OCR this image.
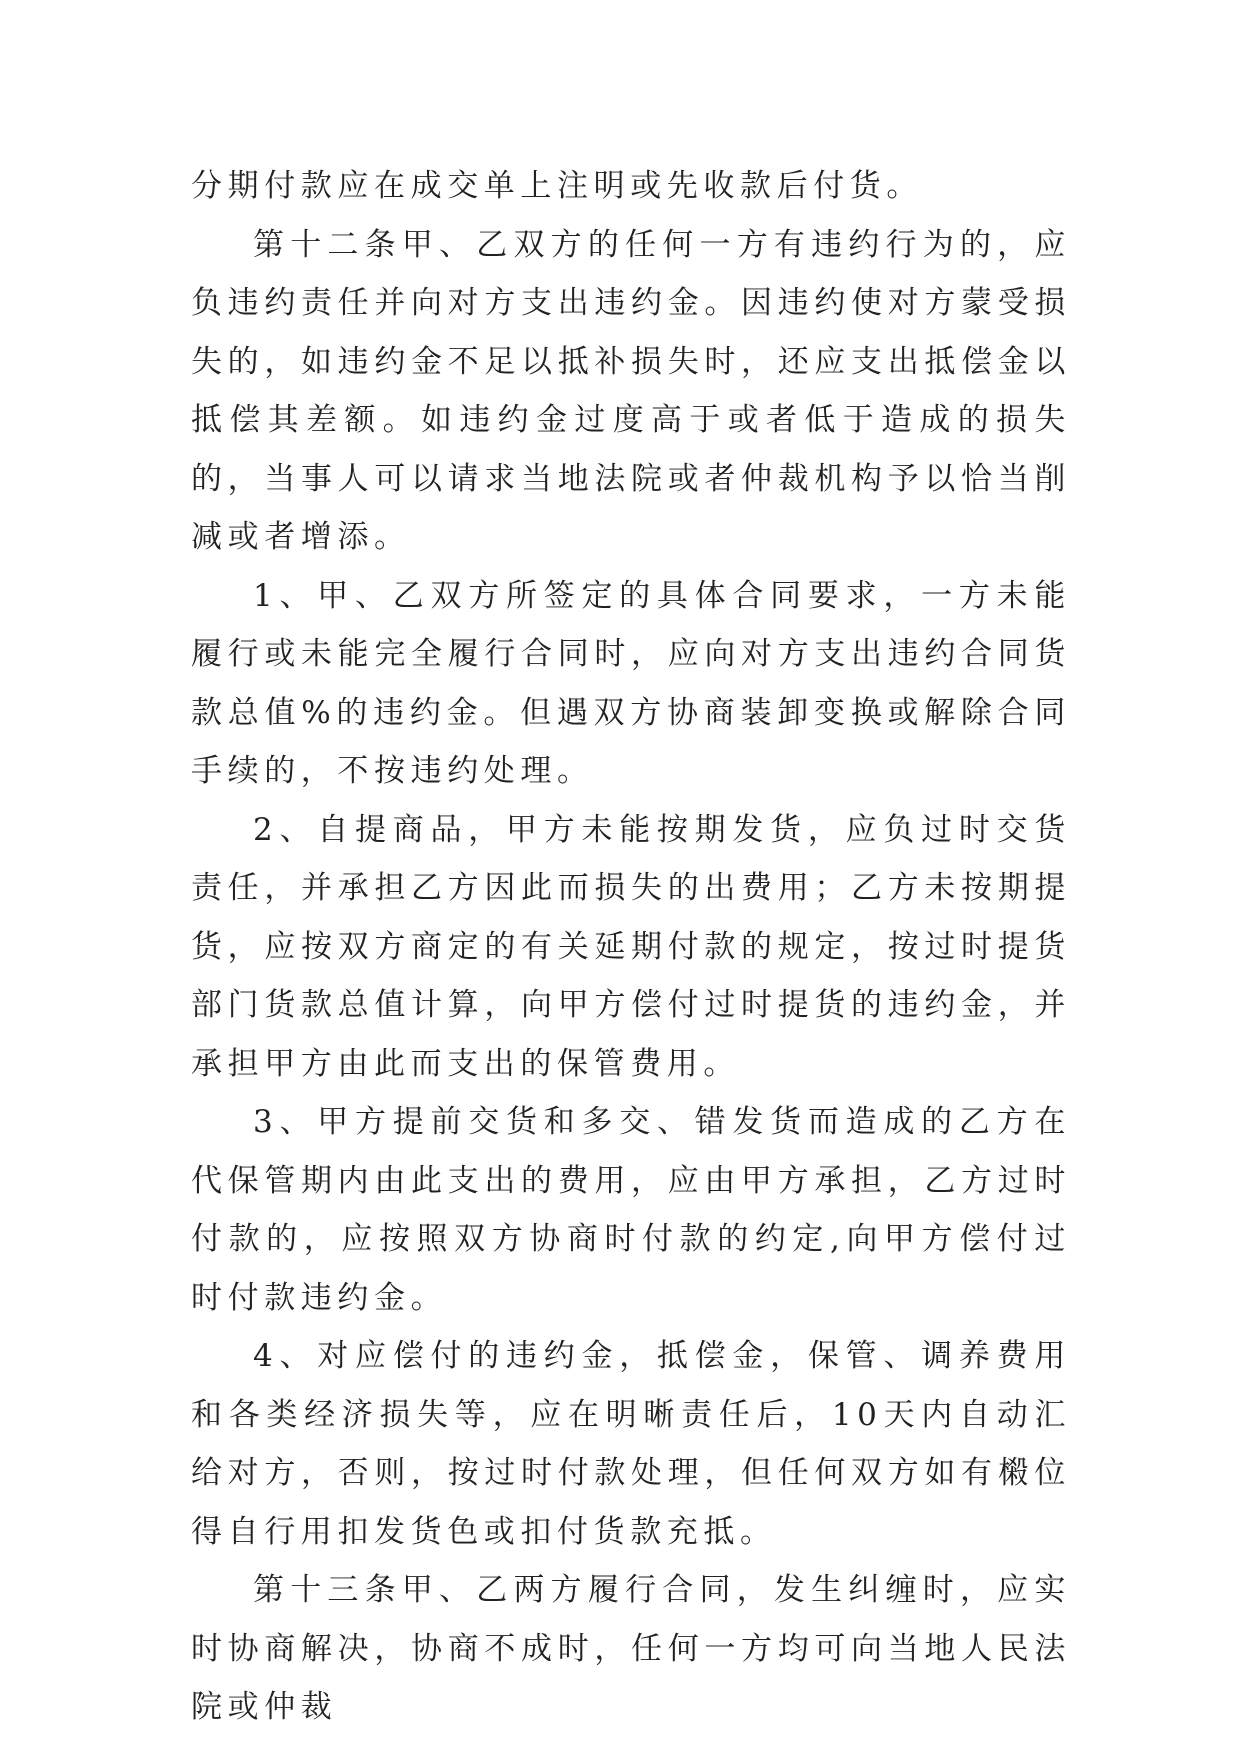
分期付款应在成交单上注明或先收款后付货。

第十二条甲、乙双方的任何一方有违约行为的，应负违约责任并向对方支出违约金。因违约使对方蒙受损失的，如违约金不足以抵补损失时，还应支出抵偿金以抵偿其差额。如违约金过度高于或者低于造成的损失的，当事人可以请求当地法院或者仲裁机构予以恰当削减或者增添。

1、甲、乙双方所签定的具体合同要求，一方未能履行或未能完全履行合同时，应向对方支出违约合同货款总值%的违约金。但遇双方协商装卸变换或解除合同手续的，不按违约处理。

2、自提商品，甲方未能按期发货，应负过时交货责任，并承担乙方因此而损失的出费用；乙方未按期提货，应按双方商定的有关延期付款的规定，按过时提货部门货款总值计算，向甲方偿付过时提货的违约金，并承担甲方由此而支出的保管费用。

3、甲方提前交货和多交、错发货而造成的乙方在代保管期内由此支出的费用，应由甲方承担，乙方过时付款的，应按照双方协商时付款的约定,向甲方偿付过时付款违约金。

4、对应偿付的违约金，抵偿金，保管、调养费用和各类经济损失等，应在明晰责任后，10天内自动汇给对方，否则，按过时付款处理，但任何双方如有樧位得自行用扣发货色或扣付货款充抵。

第十三条甲、乙两方履行合同，发生纠缠时，应实时协商解决，协商不成时，任何一方均可向当地人民法院或仲裁
